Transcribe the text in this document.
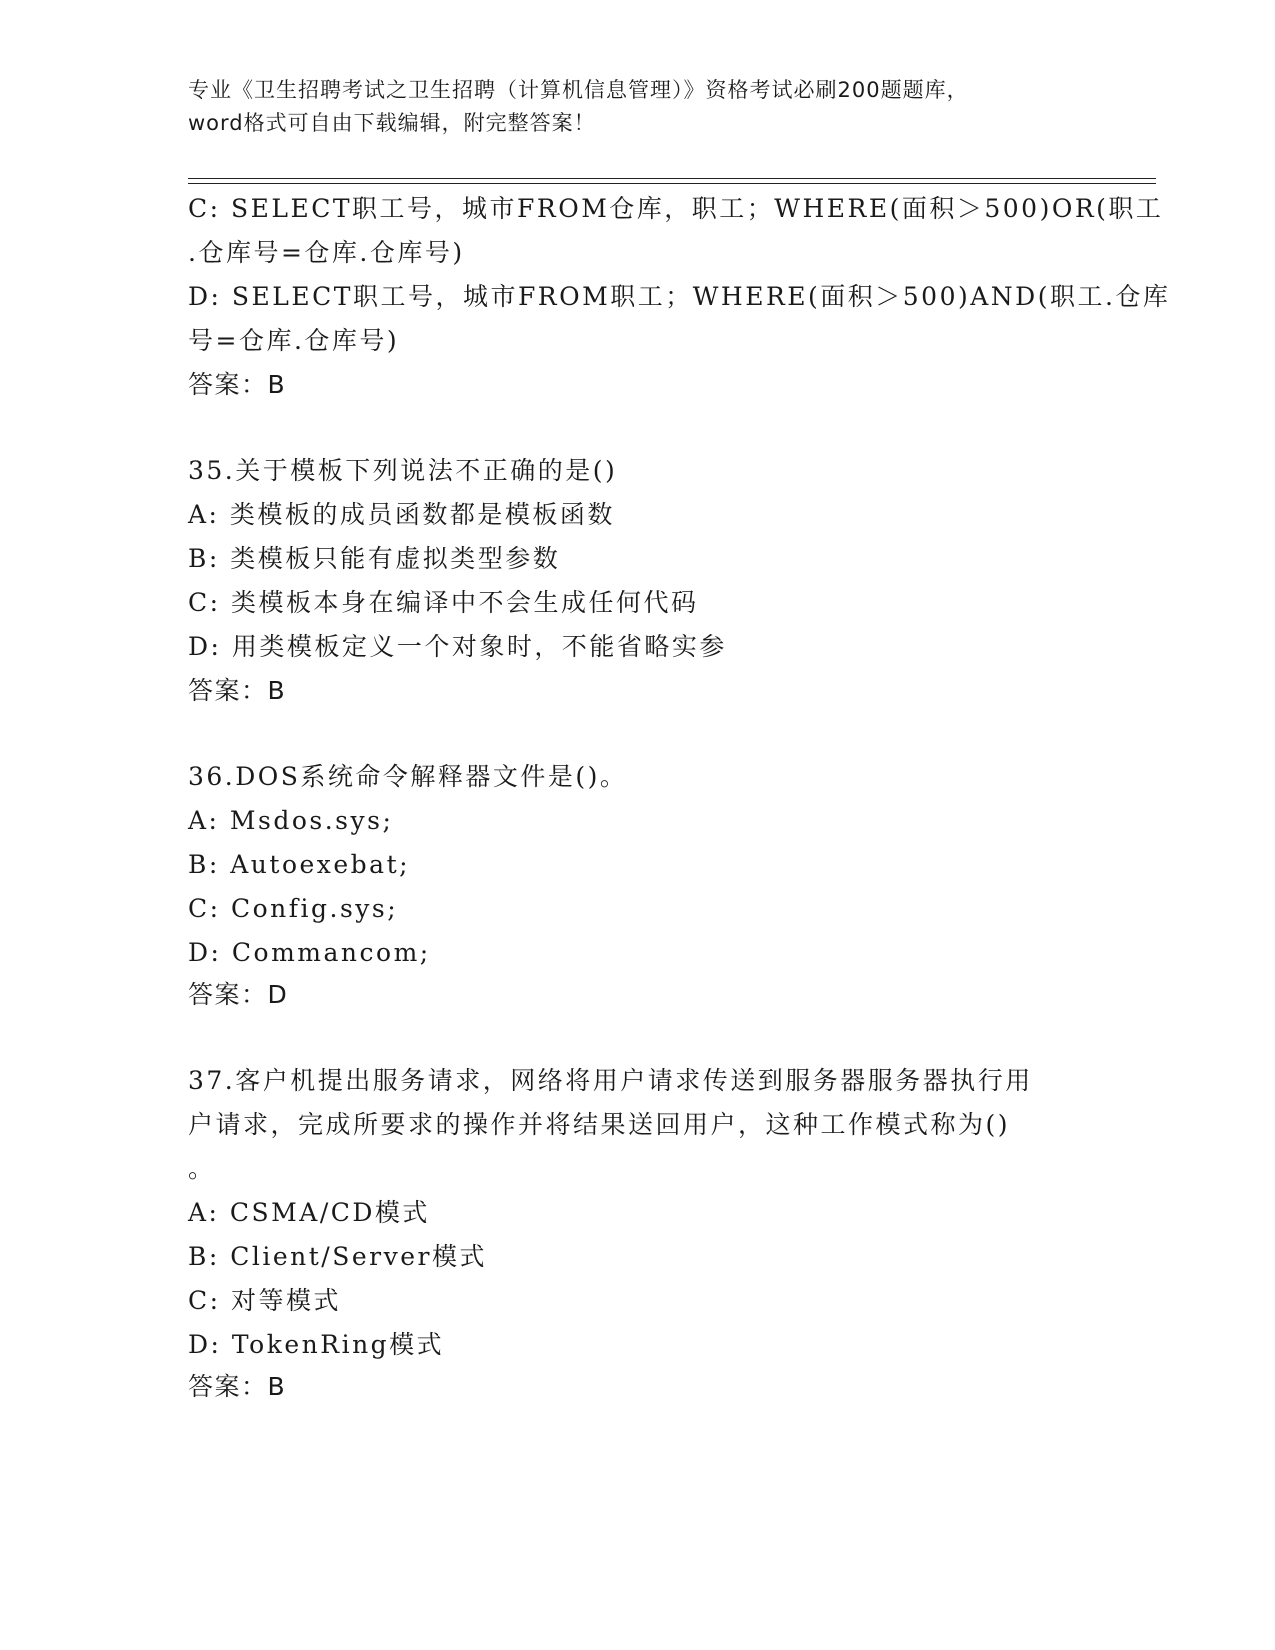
专业《卫生招聘考试之卫生招聘（计算机信息管理）》资格考试必刷200题题库，
word格式可自由下载编辑，附完整答案！
C: SELECT职工号，城市FROM仓库，职工；WHERE(面积＞500)OR(职工
.仓库号=仓库.仓库号)
D: SELECT职工号，城市FROM职工；WHERE(面积＞500)AND(职工.仓库
号=仓库.仓库号)
答案：B
35.关于模板下列说法不正确的是()
A: 类模板的成员函数都是模板函数
B: 类模板只能有虚拟类型参数
C: 类模板本身在编译中不会生成任何代码
D: 用类模板定义一个对象时，不能省略实参
答案：B
36.DOS系统命令解释器文件是()。
A: Msdos.sys;
B: Autoexebat;
C: Config.sys;
D: Commancom;
答案：D
37.客户机提出服务请求，网络将用户请求传送到服务器服务器执行用
户请求，完成所要求的操作并将结果送回用户，这种工作模式称为()
。
A: CSMA/CD模式
B: Client/Server模式
C: 对等模式
D: TokenRing模式
答案：B
